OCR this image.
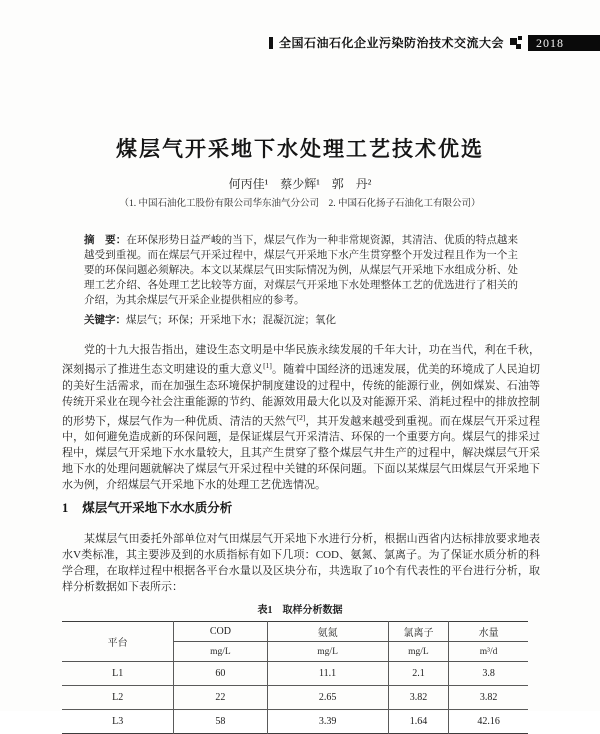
全国石油石化企业污染防治技术交流大会	2018
煤层气开采地下水处理工艺技术优选
何丙佳¹　蔡少辉¹　郭　丹²
（1. 中国石油化工股份有限公司华东油气分公司　2. 中国石化扬子石油化工有限公司）

摘　要：在环保形势日益严峻的当下，煤层气作为一种非常规资源，其清洁、优质的特点越来越受到重视。而在煤层气开采过程中，煤层气开采地下水产生贯穿整个开发过程且作为一个主要的环保问题必须解决。本文以某煤层气田实际情况为例，从煤层气开采地下水组成分析、处理工艺介绍、各处理工艺比较等方面，对煤层气开采地下水处理整体工艺的优选进行了相关的介绍，为其余煤层气开采企业提供相应的参考。

关键字：煤层气；环保；开采地下水；混凝沉淀；氧化

党的十九大报告指出，建设生态文明是中华民族永续发展的千年大计，功在当代，利在千秋，深刻揭示了推进生态文明建设的重大意义[1]。随着中国经济的迅速发展，优美的环境成了人民迫切的美好生活需求，而在加强生态环境保护制度建设的过程中，传统的能源行业，例如煤炭、石油等传统开采业在现今社会注重能源的节约、能源效用最大化以及对能源开采、消耗过程中的排放控制的形势下，煤层气作为一种优质、清洁的天然气[2]，其开发越来越受到重视。而在煤层气开采过程中，如何避免造成新的环保问题，是保证煤层气开采清洁、环保的一个重要方向。煤层气的排采过程中，煤层气开采地下水水量较大，且其产生贯穿了整个煤层气井生产的过程中，解决煤层气开采地下水的处理问题就解决了煤层气开采过程中关键的环保问题。下面以某煤层气田煤层气开采地下水为例，介绍煤层气开采地下水的处理工艺优选情况。

1 煤层气开采地下水水质分析

某煤层气田委托外部单位对气田煤层气开采地下水进行分析，根据山西省内达标排放要求地表水V类标准，其主要涉及到的水质指标有如下几项：COD、氨氮、氯离子。为了保证水质分析的科学合理，在取样过程中根据各平台水量以及区块分布，共选取了10个有代表性的平台进行分析，取样分析数据如下表所示：

表1　取样分析数据
平台	COD	氨氮	氯离子	水量
	mg/L	mg/L	mg/L	m³/d
L1	60	11.1	2.1	3.8
L2	22	2.65	3.82	3.82
L3	58	3.39	1.64	42.16
